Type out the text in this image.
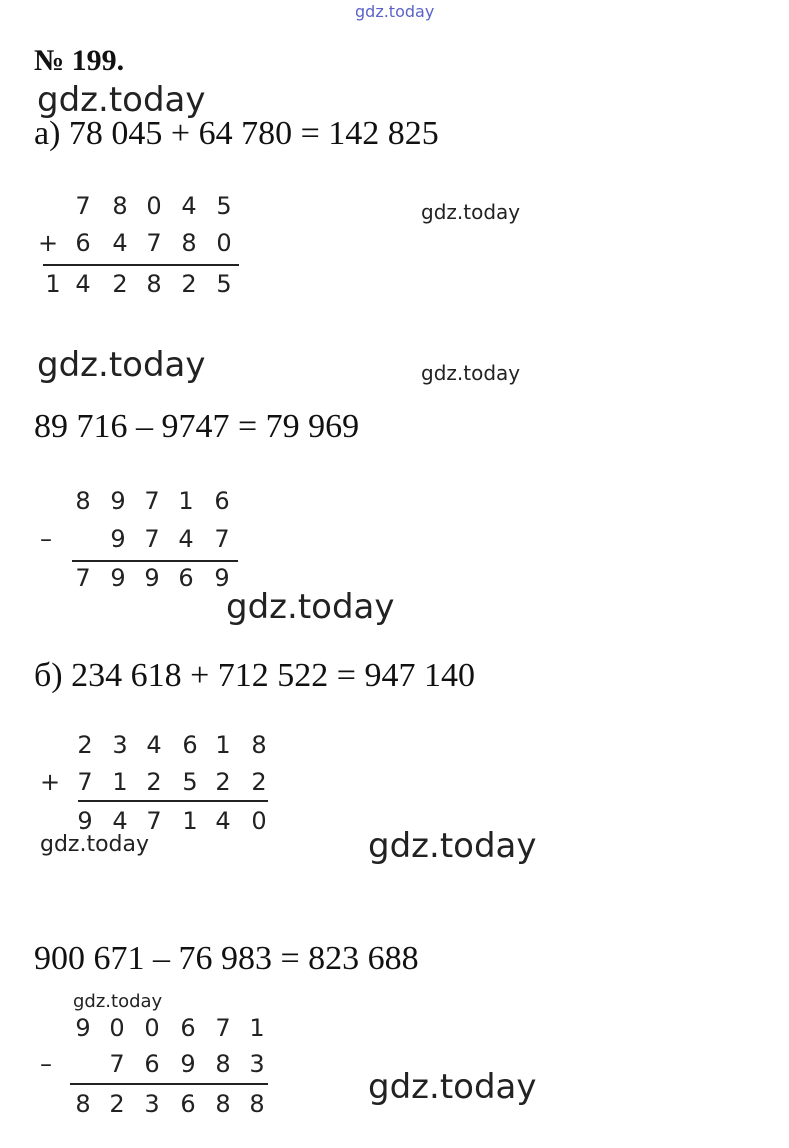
gdz.today
№ 199.
gdz.today
gdz.today
gdz.today	gdz.today
gdz.today
gdz.today	gdz.today
gdz.today
gdz.today
а) 78 045 + 64 780 = 142 825
7 8 0 4 5
+ 6 4 7 8 0
1 4 2 8 2 5
89 716 – 9747 = 79 969
8 9 7 1 6
–	9 7 4 7
7 9 9 6 9
б) 234 618 + 712 522 = 947 140
2 3 4 6 1 8
+ 7 1 2 5 2 2
9 4 7 1 4 0
900 671 – 76 983 = 823 688
9 0 0 6 7 1
–	7 6 9 8 3
8 2 3 6 8 8
